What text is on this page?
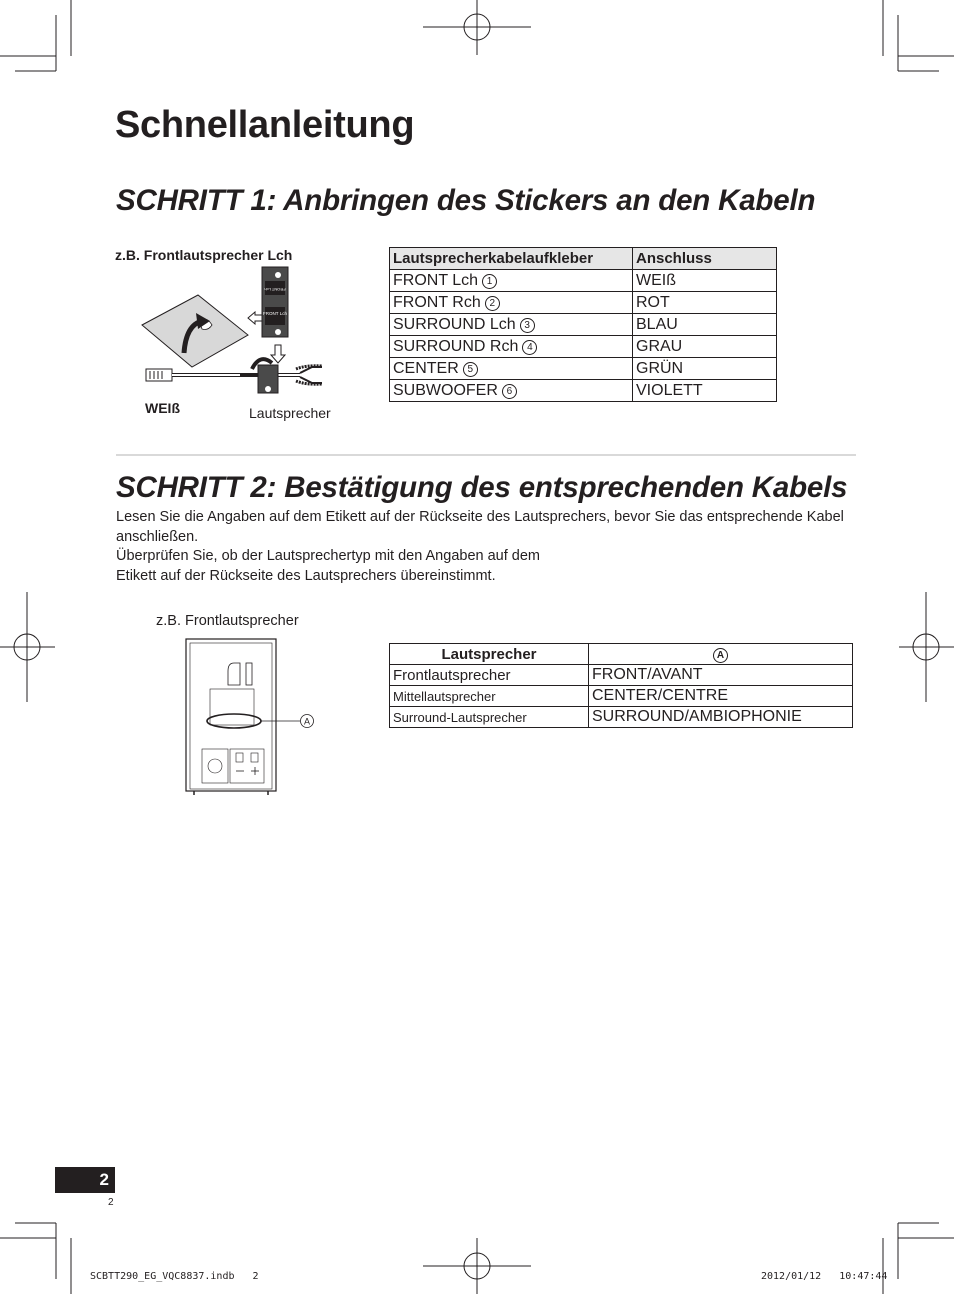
Schnellanleitung
SCHRITT 1: Anbringen des Stickers an den Kabeln
z.B. Frontlautsprecher Lch
FRONT Lch
FRONT Lch
WEIß	Lautsprecher
Lautsprecherkabelaufkleber	Anschluss
FRONT Lch 1	WEIß
FRONT Rch 2	ROT
SURROUND Lch 3	BLAU
SURROUND Rch 4	GRAU
CENTER 5	GRÜN
SUBWOOFER 6	VIOLETT
SCHRITT 2: Bestätigung des entsprechenden Kabels

Lesen Sie die Angaben auf dem Etikett auf der Rückseite des Lautsprechers, bevor Sie das entsprechende Kabel anschließen.

Überprüfen Sie, ob der Lautsprechertyp mit den Angaben auf dem

Etikett auf der Rückseite des Lautsprechers übereinstimmt.

z.B. Frontlautsprecher
A
Lautsprecher	A
Frontlautsprecher	FRONT/AVANT
Mittellautsprecher	CENTER/CENTRE
Surround-Lautsprecher	SURROUND/AMBIOPHONIE
2
2
SCBTT290_EG_VQC8837.indb   2	2012/01/12   10:47:44
